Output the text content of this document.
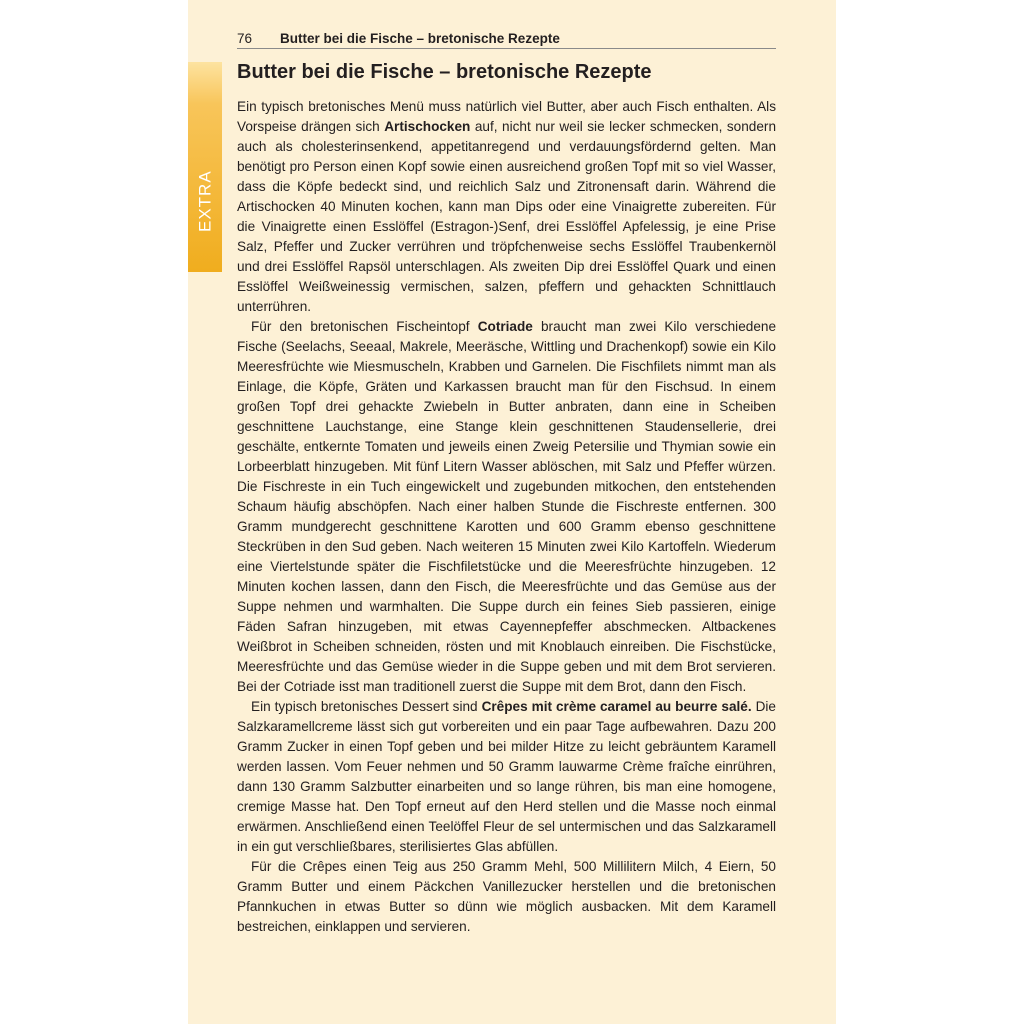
EXTRA
76 Butter bei die Fische – bretonische Rezepte
Butter bei die Fische – bretonische Rezepte

Ein typisch bretonisches Menü muss natürlich viel Butter, aber auch Fisch enthalten. Als Vorspeise drängen sich Artischocken auf, nicht nur weil sie lecker schmecken, sondern auch als cholesterinsenkend, appetitanregend und verdauungsfördernd gelten. Man benötigt pro Person einen Kopf sowie einen ausreichend großen Topf mit so viel Wasser, dass die Köpfe bedeckt sind, und reichlich Salz und Zitronensaft darin. Während die Artischocken 40 Minuten kochen, kann man Dips oder eine Vinaigrette zubereiten. Für die Vinaigrette einen Esslöffel (Estragon-)Senf, drei Esslöffel Apfelessig, je eine Prise Salz, Pfeffer und Zucker verrühren und tröpfchenweise sechs Esslöffel Traubenkernöl und drei Esslöffel Rapsöl unterschlagen. Als zweiten Dip drei Esslöffel Quark und einen Esslöffel Weißweinessig vermischen, salzen, pfeffern und gehackten Schnittlauch unterrühren.

Für den bretonischen Fischeintopf Cotriade braucht man zwei Kilo verschiedene Fische (Seelachs, Seeaal, Makrele, Meeräsche, Wittling und Drachenkopf) sowie ein Kilo Meeresfrüchte wie Miesmuscheln, Krabben und Garnelen. Die Fischfilets nimmt man als Einlage, die Köpfe, Gräten und Karkassen braucht man für den Fischsud. In einem großen Topf drei gehackte Zwiebeln in Butter anbraten, dann eine in Scheiben geschnittene Lauchstange, eine Stange klein geschnittenen Staudensellerie, drei geschälte, entkernte Tomaten und jeweils einen Zweig Petersilie und Thymian sowie ein Lorbeerblatt hinzugeben. Mit fünf Litern Wasser ablöschen, mit Salz und Pfeffer würzen. Die Fischreste in ein Tuch eingewickelt und zugebunden mitkochen, den entstehenden Schaum häufig abschöpfen. Nach einer halben Stunde die Fischreste entfernen. 300 Gramm mundgerecht geschnittene Karotten und 600 Gramm ebenso geschnittene Steckrüben in den Sud geben. Nach weiteren 15 Minuten zwei Kilo Kartoffeln. Wiederum eine Viertelstunde später die Fischfiletstücke und die Meeresfrüchte hinzugeben. 12 Minuten kochen lassen, dann den Fisch, die Meeresfrüchte und das Gemüse aus der Suppe nehmen und warmhalten. Die Suppe durch ein feines Sieb passieren, einige Fäden Safran hinzugeben, mit etwas Cayennepfeffer abschmecken. Altbackenes Weißbrot in Scheiben schneiden, rösten und mit Knoblauch einreiben. Die Fischstücke, Meeresfrüchte und das Gemüse wieder in die Suppe geben und mit dem Brot servieren. Bei der Cotriade isst man traditionell zuerst die Suppe mit dem Brot, dann den Fisch.

Ein typisch bretonisches Dessert sind Crêpes mit crème caramel au beurre salé. Die Salzkaramellcreme lässt sich gut vorbereiten und ein paar Tage aufbewahren. Dazu 200 Gramm Zucker in einen Topf geben und bei milder Hitze zu leicht gebräuntem Karamell werden lassen. Vom Feuer nehmen und 50 Gramm lauwarme Crème fraîche einrühren, dann 130 Gramm Salzbutter einarbeiten und so lange rühren, bis man eine homogene, cremige Masse hat. Den Topf erneut auf den Herd stellen und die Masse noch einmal erwärmen. Anschließend einen Teelöffel Fleur de sel untermischen und das Salzkaramell in ein gut verschließbares, sterilisiertes Glas abfüllen.

Für die Crêpes einen Teig aus 250 Gramm Mehl, 500 Millilitern Milch, 4 Eiern, 50 Gramm Butter und einem Päckchen Vanillezucker herstellen und die bretonischen Pfannkuchen in etwas Butter so dünn wie möglich ausbacken. Mit dem Karamell bestreichen, einklappen und servieren.
